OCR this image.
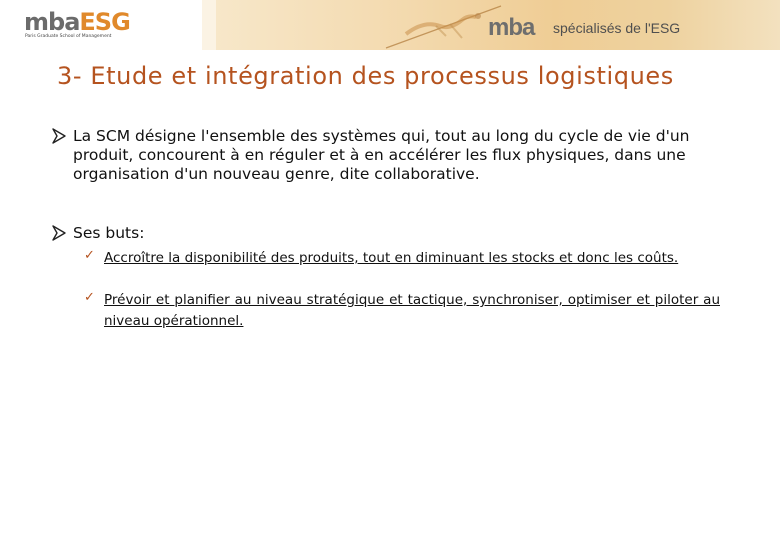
mbaESG
Paris Graduate School of Management	mba spécialisés de l'ESG
3- Etude et intégration des processus logistiques
La SCM désigne l'ensemble des systèmes qui, tout au long du cycle de vie d'un produit, concourent à en réguler et à en accélérer les flux physiques, dans une organisation d'un nouveau genre, dite collaborative.
Ses buts:
✓ Accroître la disponibilité des produits, tout en diminuant les stocks et donc les coûts.
✓ Prévoir et planifier au niveau stratégique et tactique, synchroniser, optimiser et piloter au niveau opérationnel.
